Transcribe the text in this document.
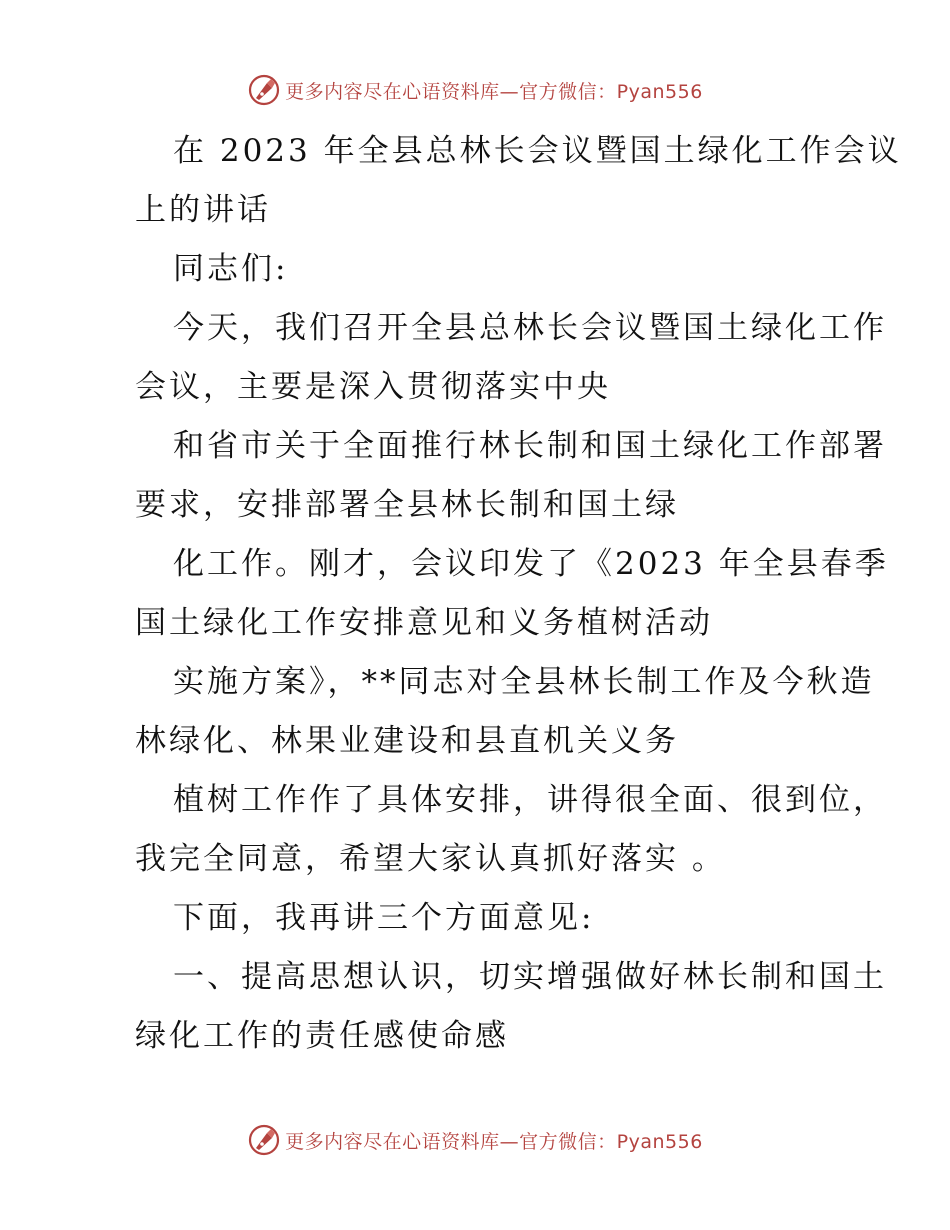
更多内容尽在心语资料库—官方微信：Pyan556
在 2023 年全县总林长会议暨国土绿化工作会议
上的讲话
同志们:
今天，我们召开全县总林长会议暨国土绿化工作
会议，主要是深入贯彻落实中央
和省市关于全面推行林长制和国土绿化工作部署
要求，安排部署全县林长制和国土绿
化工作。刚才，会议印发了《2023 年全县春季
国土绿化工作安排意见和义务植树活动
实施方案》，**同志对全县林长制工作及今秋造
林绿化、林果业建设和县直机关义务
植树工作作了具体安排，讲得很全面、很到位，
我完全同意，希望大家认真抓好落实 。
下面，我再讲三个方面意见:
一、提高思想认识，切实增强做好林长制和国土
绿化工作的责任感使命感
更多内容尽在心语资料库—官方微信：Pyan556
